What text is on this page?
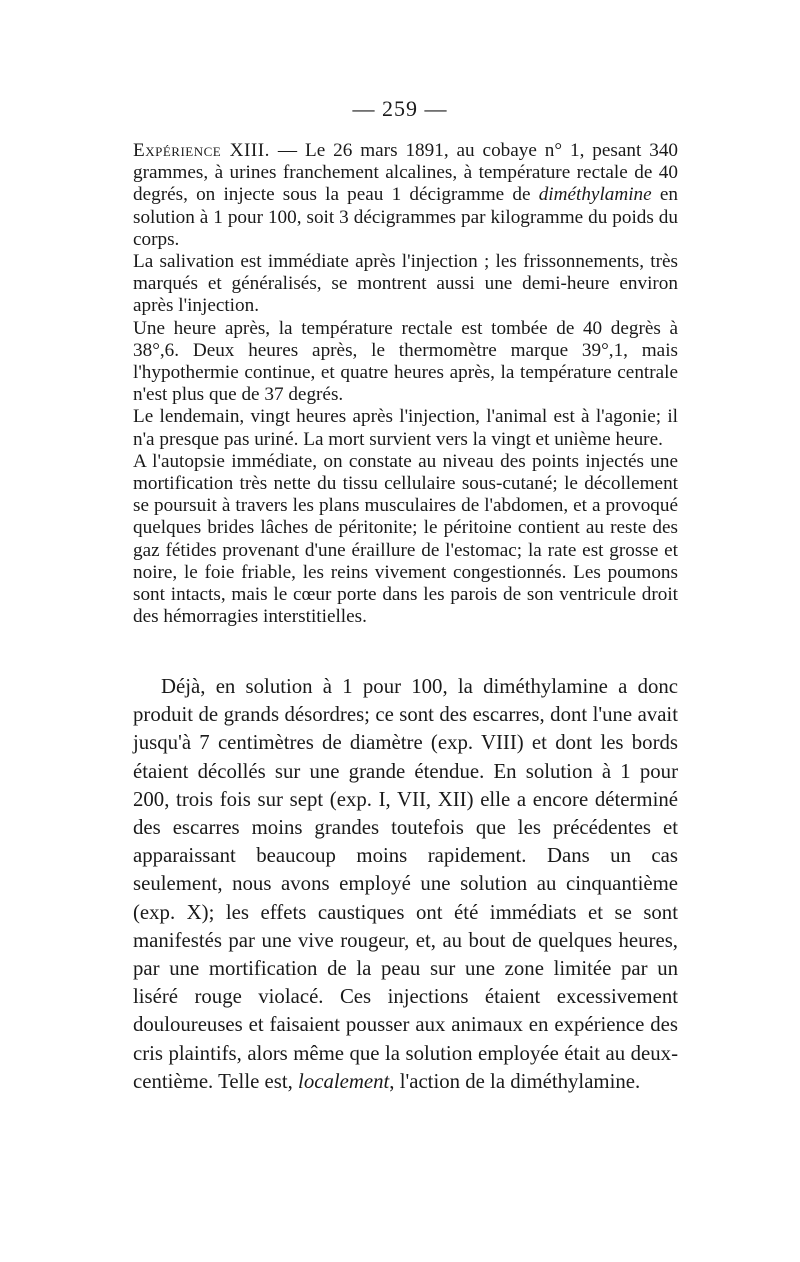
— 259 —

Expérience XIII. — Le 26 mars 1891, au cobaye n° 1, pesant 340 grammes, à urines franchement alcalines, à température rectale de 40 degrés, on injecte sous la peau 1 décigramme de diméthylamine en solution à 1 pour 100, soit 3 décigrammes par kilogramme du poids du corps.

La salivation est immédiate après l'injection ; les frissonnements, très marqués et généralisés, se montrent aussi une demi-heure environ après l'injection.

Une heure après, la température rectale est tombée de 40 degrès à 38°,6. Deux heures après, le thermomètre marque 39°,1, mais l'hypothermie continue, et quatre heures après, la température centrale n'est plus que de 37 degrés.

Le lendemain, vingt heures après l'injection, l'animal est à l'agonie; il n'a presque pas uriné. La mort survient vers la vingt et unième heure.

A l'autopsie immédiate, on constate au niveau des points injectés une mortification très nette du tissu cellulaire sous-cutané; le décollement se poursuit à travers les plans musculaires de l'abdomen, et a provoqué quelques brides lâches de péritonite; le péritoine contient au reste des gaz fétides provenant d'une éraillure de l'estomac; la rate est grosse et noire, le foie friable, les reins vivement congestionnés. Les poumons sont intacts, mais le cœur porte dans les parois de son ventricule droit des hémorragies interstitielles.

Déjà, en solution à 1 pour 100, la diméthylamine a donc produit de grands désordres; ce sont des escarres, dont l'une avait jusqu'à 7 centimètres de diamètre (exp. VIII) et dont les bords étaient décollés sur une grande étendue. En solution à 1 pour 200, trois fois sur sept (exp. I, VII, XII) elle a encore déterminé des escarres moins grandes toutefois que les précédentes et apparaissant beaucoup moins rapidement. Dans un cas seulement, nous avons employé une solution au cinquantième (exp. X); les effets caustiques ont été immédiats et se sont manifestés par une vive rougeur, et, au bout de quelques heures, par une mortification de la peau sur une zone limitée par un liséré rouge violacé. Ces injections étaient excessivement douloureuses et faisaient pousser aux animaux en expérience des cris plaintifs, alors même que la solution employée était au deux-centième. Telle est, localement, l'action de la diméthylamine.
